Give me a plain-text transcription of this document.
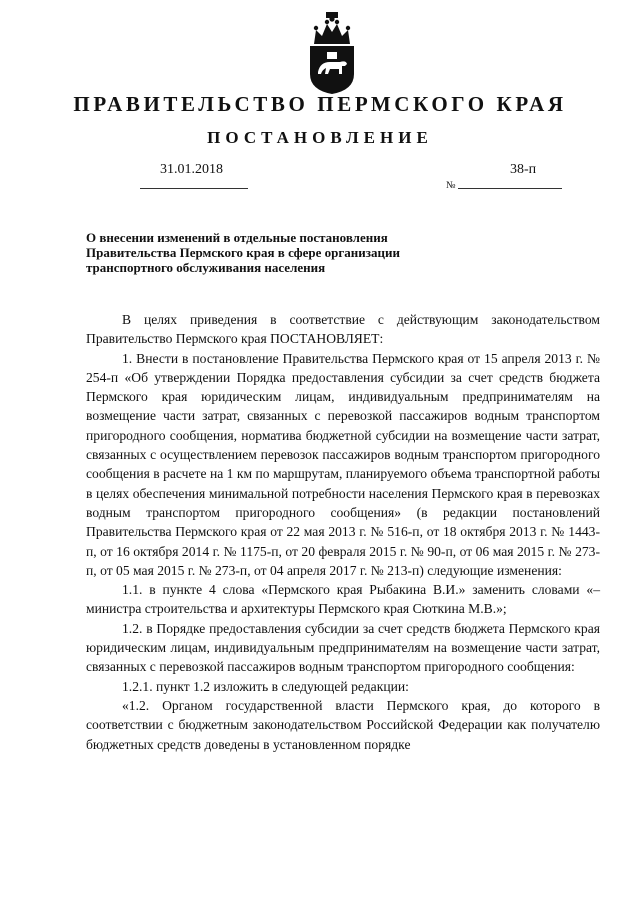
ПРАВИТЕЛЬСТВО ПЕРМСКОГО КРАЯ
ПОСТАНОВЛЕНИЕ
31.01.2018
№
38-п
О внесении изменений в отдельные постановления Правительства Пермского края в сфере организации транспортного обслуживания населения

В целях приведения в соответствие с действующим законодательством Правительство Пермского края ПОСТАНОВЛЯЕТ:

1. Внести в постановление Правительства Пермского края от 15 апреля 2013 г. № 254-п «Об утверждении Порядка предоставления субсидии за счет средств бюджета Пермского края юридическим лицам, индивидуальным предпринимателям на возмещение части затрат, связанных с перевозкой пассажиров водным транспортом пригородного сообщения, норматива бюджетной субсидии на возмещение части затрат, связанных с осуществлением перевозок пассажиров водным транспортом пригородного сообщения в расчете на 1 км по маршрутам, планируемого объема транспортной работы в целях обеспечения минимальной потребности населения Пермского края в перевозках водным транспортом пригородного сообщения» (в редакции постановлений Правительства Пермского края от 22 мая 2013 г. № 516-п, от 18 октября 2013 г. № 1443-п, от 16 октября 2014 г. № 1175-п, от 20 февраля 2015 г. № 90-п, от 06 мая 2015 г. № 273-п, от 05 мая 2015 г. № 273-п, от 04 апреля 2017 г. № 213-п) следующие изменения:

1.1. в пункте 4 слова «Пермского края Рыбакина В.И.» заменить словами «– министра строительства и архитектуры Пермского края Сюткина М.В.»;

1.2. в Порядке предоставления субсидии за счет средств бюджета Пермского края юридическим лицам, индивидуальным предпринимателям на возмещение части затрат, связанных с перевозкой пассажиров водным транспортом пригородного сообщения:

1.2.1. пункт 1.2 изложить в следующей редакции:

«1.2. Органом государственной власти Пермского края, до которого в соответствии с бюджетным законодательством Российской Федерации как получателю бюджетных средств доведены в установленном порядке
